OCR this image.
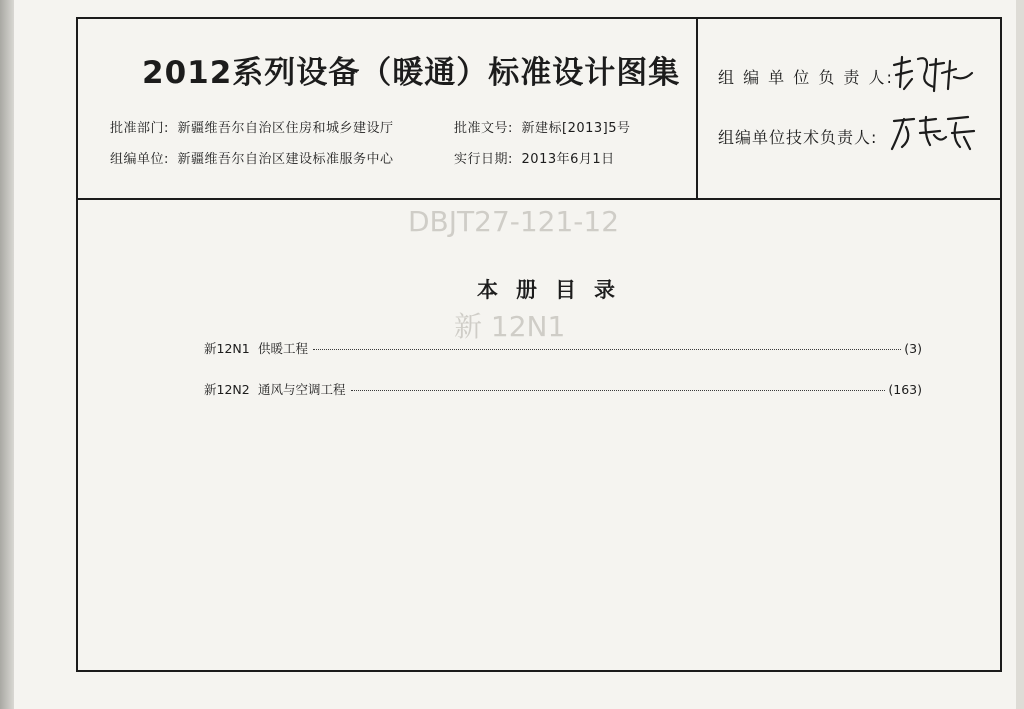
DBJT27-121-12
新 12N1
2012系列设备（暖通）标准设计图集
批准部门: 新疆维吾尔自治区住房和城乡建设厅
组编单位: 新疆维吾尔自治区建设标准服务中心
批准文号: 新建标[2013]5号
实行日期: 2013年6月1日
组 编 单 位 负 责 人:
组编单位技术负责人:
本 册 目 录
新12N1 供暖工程	(3)
新12N2 通风与空调工程	(163)
